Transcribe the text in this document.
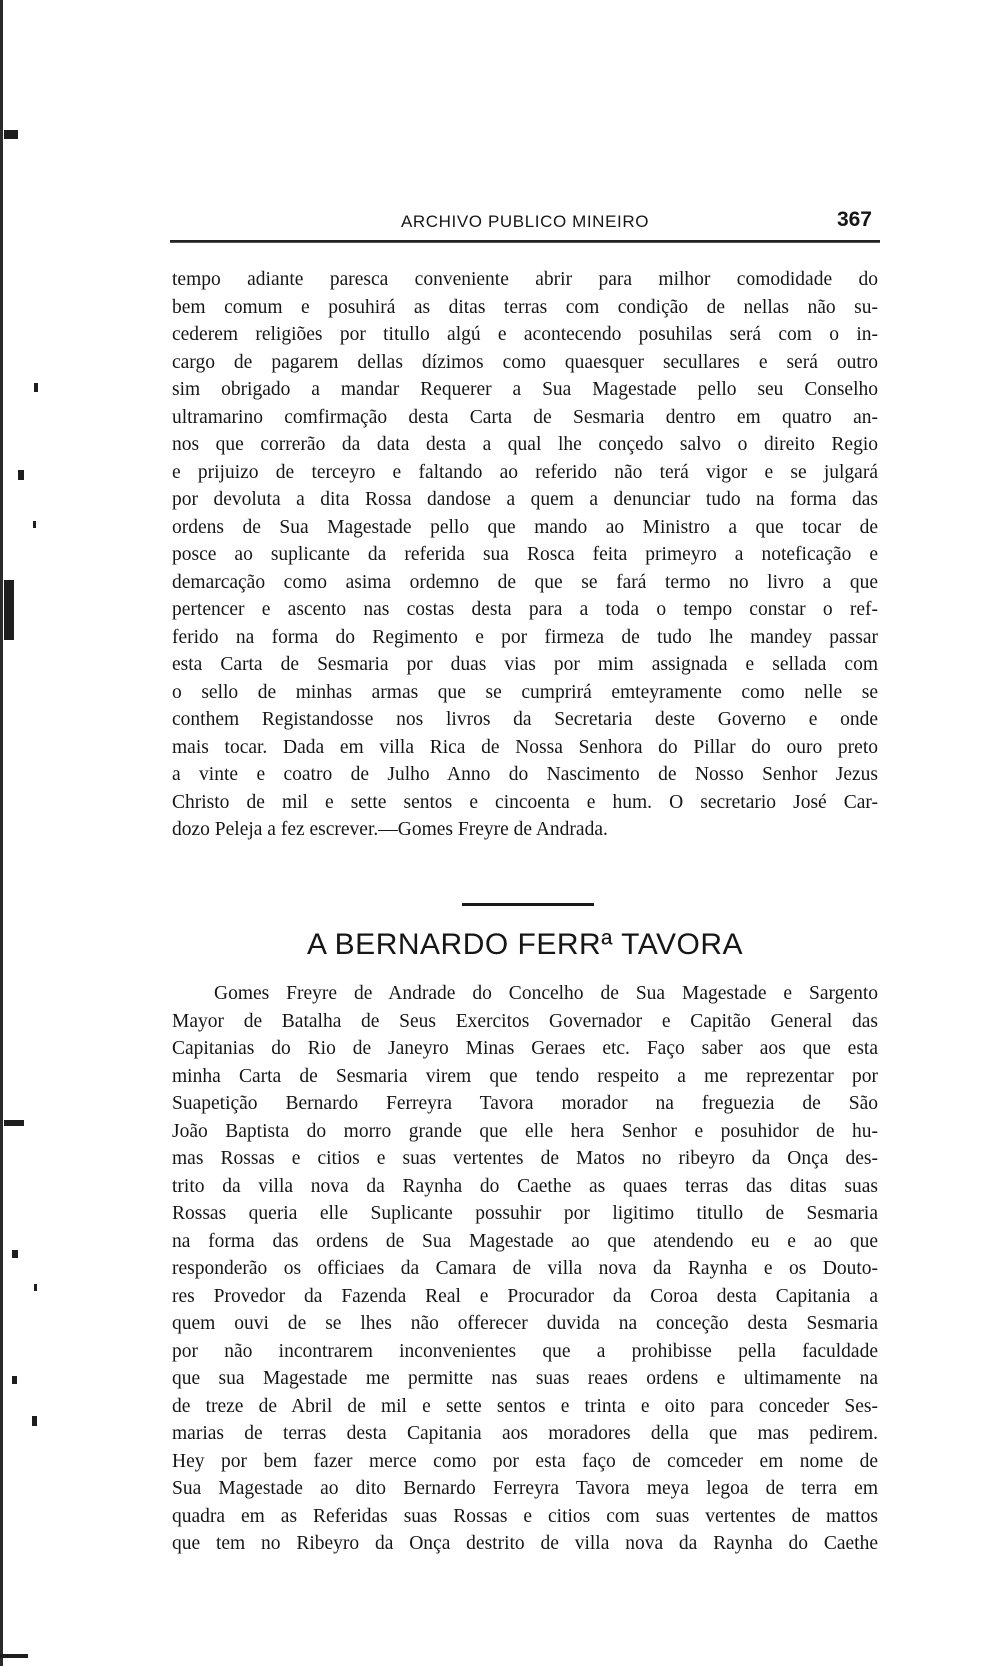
ARCHIVO PUBLICO MINEIRO	367
tempo adiante paresca conveniente abrir para milhor comodidade do
bem comum e posuhirá as ditas terras com condição de nellas não su-
cederem religiões por titullo algú e acontecendo posuhilas será com o in-
cargo de pagarem dellas dízimos como quaesquer secullares e será outro
sim obrigado a mandar Requerer a Sua Magestade pello seu Conselho
ultramarino comfirmação desta Carta de Sesmaria dentro em quatro an-
nos que correrão da data desta a qual lhe conçedo salvo o direito Regio
e prijuizo de terceyro e faltando ao referido não terá vigor e se julgará
por devoluta a dita Rossa dandose a quem a denunciar tudo na forma das
ordens de Sua Magestade pello que mando ao Ministro a que tocar de
posce ao suplicante da referida sua Rosca feita primeyro a noteficação e
demarcação como asima ordemno de que se fará termo no livro a que
pertencer e ascento nas costas desta para a toda o tempo constar o ref-
ferido na forma do Regimento e por firmeza de tudo lhe mandey passar
esta Carta de Sesmaria por duas vias por mim assignada e sellada com
o sello de minhas armas que se cumprirá emteyramente como nelle se
conthem Registandosse nos livros da Secretaria deste Governo e onde
mais tocar. Dada em villa Rica de Nossa Senhora do Pillar do ouro preto
a vinte e coatro de Julho Anno do Nascimento de Nosso Senhor Jezus
Christo de mil e sette sentos e cincoenta e hum. O secretario José Car-
dozo Peleja a fez escrever.—Gomes Freyre de Andrada.
A BERNARDO FERRª TAVORA
Gomes Freyre de Andrade do Concelho de Sua Magestade e Sargento
Mayor de Batalha de Seus Exercitos Governador e Capitão General das
Capitanias do Rio de Janeyro Minas Geraes etc. Faço saber aos que esta
minha Carta de Sesmaria virem que tendo respeito a me reprezentar por
Suapetição Bernardo Ferreyra Tavora morador na freguezia de São
João Baptista do morro grande que elle hera Senhor e posuhidor de hu-
mas Rossas e citios e suas vertentes de Matos no ribeyro da Onça des-
trito da villa nova da Raynha do Caethe as quaes terras das ditas suas
Rossas queria elle Suplicante possuhir por ligitimo titullo de Sesmaria
na forma das ordens de Sua Magestade ao que atendendo eu e ao que
responderão os officiaes da Camara de villa nova da Raynha e os Douto-
res Provedor da Fazenda Real e Procurador da Coroa desta Capitania a
quem ouvi de se lhes não offerecer duvida na conceção desta Sesmaria
por não incontrarem inconvenientes que a prohibisse pella faculdade
que sua Magestade me permitte nas suas reaes ordens e ultimamente na
de treze de Abril de mil e sette sentos e trinta e oito para conceder Ses-
marias de terras desta Capitania aos moradores della que mas pedirem.
Hey por bem fazer merce como por esta faço de comceder em nome de
Sua Magestade ao dito Bernardo Ferreyra Tavora meya legoa de terra em
quadra em as Referidas suas Rossas e citios com suas vertentes de mattos
que tem no Ribeyro da Onça destrito de villa nova da Raynha do Caethe
